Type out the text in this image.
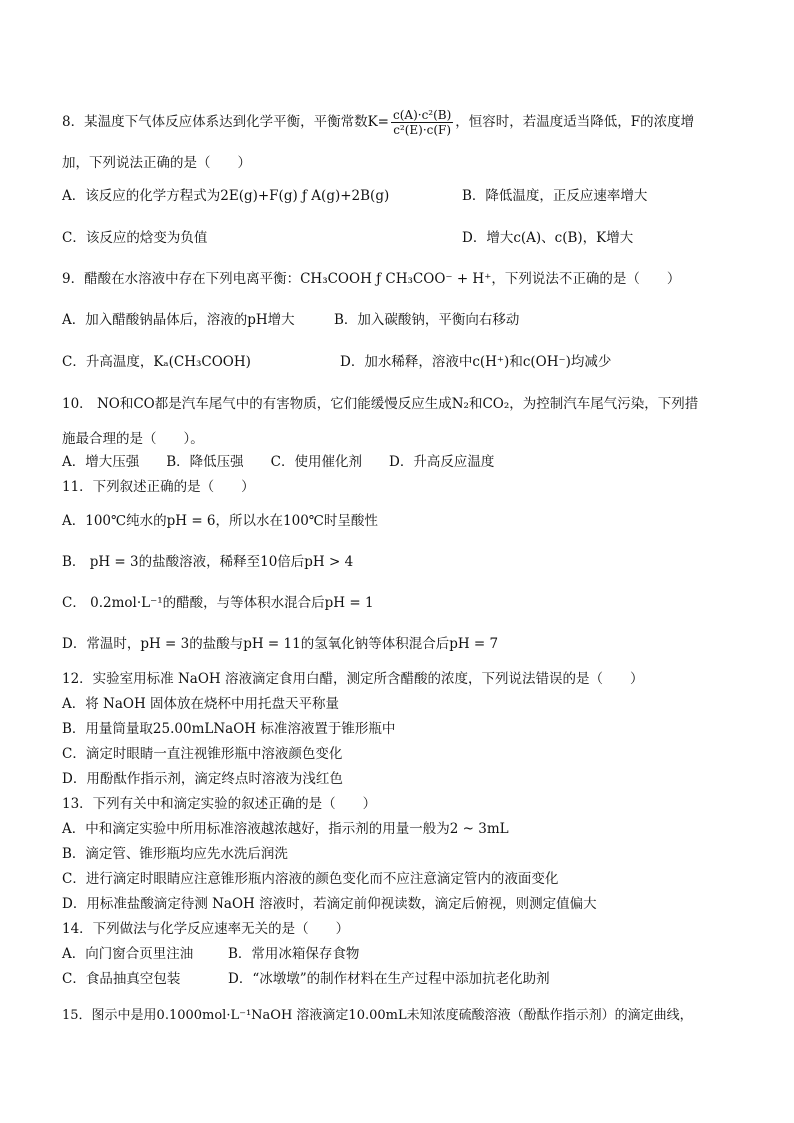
8．某温度下气体反应体系达到化学平衡，平衡常数$K= \frac{\text{c(A)·c²(B)}}{\text{c²(E)·c(F)}}$ ，恒容时，若温度适当降低，F的浓度增
加，下列说法正确的是（　　）
A．该反应的化学方程式为2E(g)+F(g) ƒ A(g)+2B(g)	B．降低温度，正反应速率增大
C．该反应的焓变为负值	D．增大c(A)、c(B)，K增大
9．醋酸在水溶液中存在下列电离平衡：CH₃COOH ƒ CH₃COO⁻ + H⁺，下列说法不正确的是（　　）
A．加入醋酸钠晶体后，溶液的pH增大	B．加入碳酸钠，平衡向右移动
C．升高温度，Kₐ(CH₃COOH)	D．加水稀释，溶液中c(H⁺)和c(OH⁻)均减少
10． NO和CO都是汽车尾气中的有害物质，它们能缓慢反应生成N₂和CO₂，为控制汽车尾气污染，下列措
施最合理的是（　　）。
A．增大压强　　B．降低压强　　C．使用催化剂　　D．升高反应温度
11．下列叙述正确的是（　　）
A．100℃纯水的pH = 6，所以水在100℃时呈酸性
B． pH = 3的盐酸溶液，稀释至10倍后pH > 4
C． 0.2mol·L⁻¹的醋酸，与等体积水混合后pH = 1
D．常温时，pH = 3的盐酸与pH = 11的氢氧化钠等体积混合后pH = 7
12．实验室用标准 NaOH 溶液滴定食用白醋，测定所含醋酸的浓度，下列说法错误的是（　　）
A．将 NaOH 固体放在烧杯中用托盘天平称量
B．用量筒量取25.00mLNaOH 标准溶液置于锥形瓶中
C．滴定时眼睛一直注视锥形瓶中溶液颜色变化
D．用酚酞作指示剂，滴定终点时溶液为浅红色
13．下列有关中和滴定实验的叙述正确的是（　　）
A．中和滴定实验中所用标准溶液越浓越好，指示剂的用量一般为2 ~ 3mL
B．滴定管、锥形瓶均应先水洗后润洗
C．进行滴定时眼睛应注意锥形瓶内溶液的颜色变化而不应注意滴定管内的液面变化
D．用标准盐酸滴定待测 NaOH 溶液时，若滴定前仰视读数，滴定后俯视，则测定值偏大
14．下列做法与化学反应速率无关的是（　　）
A．向门窗合页里注油	B．常用冰箱保存食物
C．食品抽真空包装	D．“冰墩墩”的制作材料在生产过程中添加抗老化助剂
15．图示中是用0.1000mol·L⁻¹NaOH 溶液滴定10.00mL未知浓度硫酸溶液（酚酞作指示剂）的滴定曲线，
